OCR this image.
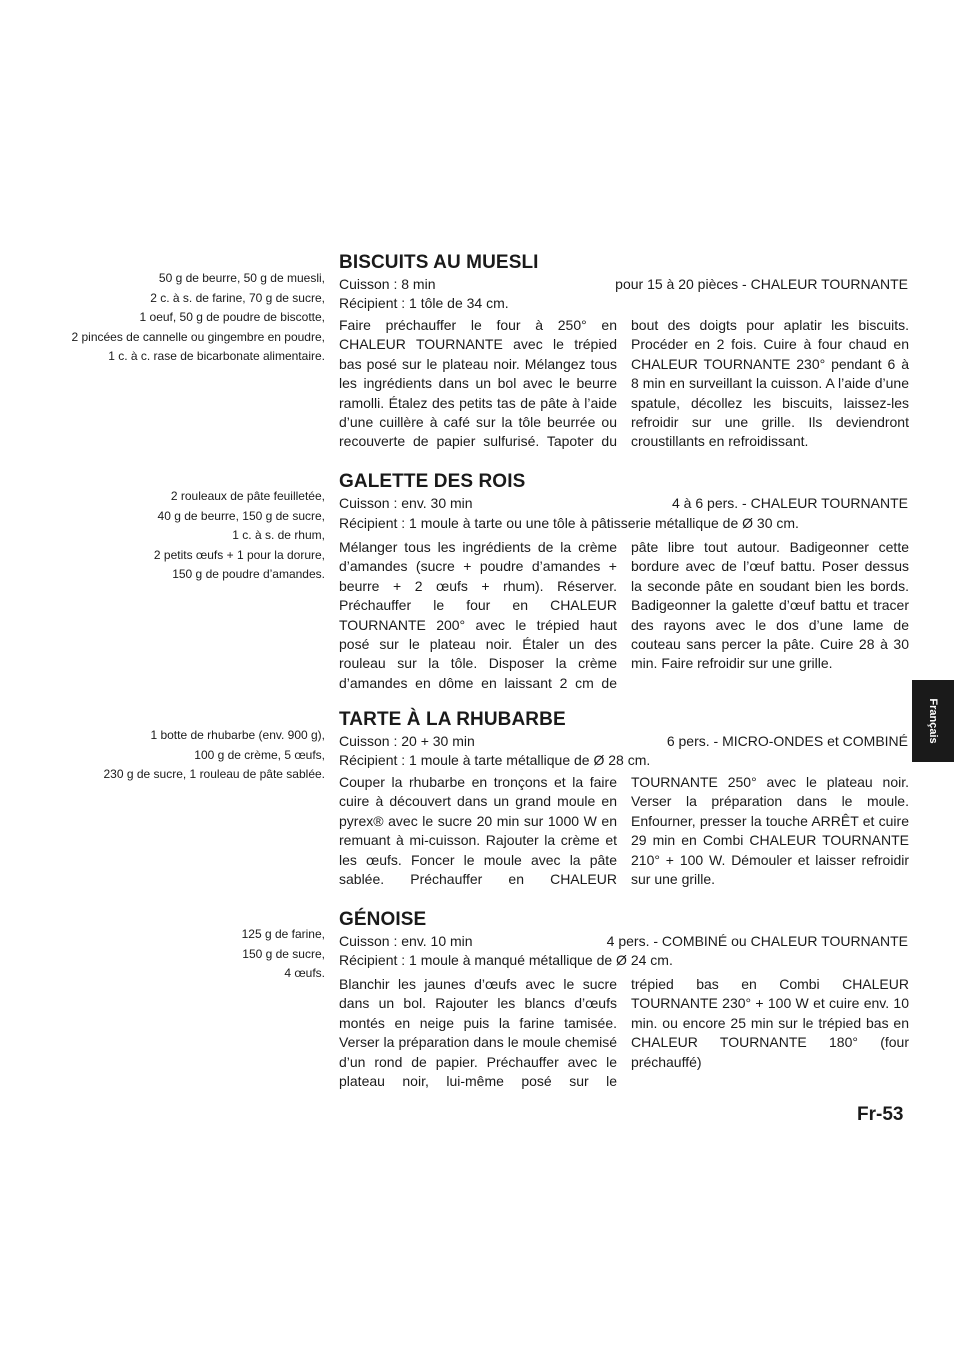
50 g de beurre, 50 g de muesli,
2 c. à s. de farine, 70 g de sucre,
1 oeuf, 50 g de poudre de biscotte,
2 pincées de cannelle ou gingembre en poudre,
1 c. à c. rase de bicarbonate alimentaire.
BISCUITS AU MUESLI
Cuisson : 8 min	pour 15 à 20 pièces - CHALEUR TOURNANTE
Récipient : 1 tôle de 34 cm.
Faire préchauffer le four à 250° en CHALEUR TOURNANTE avec le trépied bas posé sur le plateau noir. Mélangez tous les ingrédients dans un bol avec le beurre ramolli. Étalez des petits tas de pâte à l’aide d’une cuillère à café sur la tôle beurrée ou recouverte de papier sulfurisé. Tapoter du
bout des doigts pour aplatir les biscuits. Procéder en 2 fois. Cuire à four chaud en CHALEUR TOURNANTE 230° pendant 6 à 8 min en surveillant la cuisson. A l’aide d’une spatule, décollez les biscuits, laissez-les refroidir sur une grille. Ils deviendront croustillants en refroidissant.
2 rouleaux de pâte feuilletée,
40 g de beurre, 150 g de sucre,
1 c. à s. de rhum,
2 petits œufs + 1 pour la dorure,
150 g de poudre d’amandes.
GALETTE DES ROIS
Cuisson : env. 30 min	4 à 6 pers. - CHALEUR TOURNANTE
Récipient : 1 moule à tarte ou une tôle à pâtisserie métallique de Ø 30 cm.
Mélanger tous les ingrédients de la crème d’amandes (sucre + poudre d’amandes + beurre + 2 œufs + rhum). Réserver. Préchauffer le four en CHALEUR TOURNANTE 200° avec le trépied haut posé sur le plateau noir. Étaler un des rouleau sur la tôle. Disposer la crème d’amandes en dôme en laissant 2 cm de
pâte libre tout autour. Badigeonner cette bordure avec de l’œuf battu. Poser dessus la seconde pâte en soudant bien les bords. Badigeonner la galette d’œuf battu et tracer des rayons avec le dos d’une lame de couteau sans percer la pâte. Cuire 28 à 30 min. Faire refroidir sur une grille.
1 botte de rhubarbe (env. 900 g),
100 g de crème, 5 œufs,
230 g de sucre, 1 rouleau de pâte sablée.
TARTE À LA RHUBARBE
Cuisson : 20 + 30 min	6 pers. - MICRO-ONDES et COMBINÉ
Récipient : 1 moule à tarte métallique de Ø 28 cm.
Couper la rhubarbe en tronçons et la faire cuire à découvert dans un grand moule en pyrex® avec le sucre 20 min sur 1000 W en remuant à mi-cuisson. Rajouter la crème et les œufs. Foncer le moule avec la pâte sablée. Préchauffer en CHALEUR
TOURNANTE 250° avec le plateau noir. Verser la préparation dans le moule. Enfourner, presser la touche ARRÊT et cuire 29 min en Combi CHALEUR TOURNANTE 210° + 100 W. Démouler et laisser refroidir sur une grille.
125 g de farine,
150 g de sucre,
4 œufs.
GÉNOISE
Cuisson : env. 10 min	4 pers. - COMBINÉ ou CHALEUR TOURNANTE
Récipient : 1 moule à manqué métallique de Ø 24 cm.
Blanchir les jaunes d’œufs avec le sucre dans un bol. Rajouter les blancs d’œufs montés en neige puis la farine tamisée. Verser la préparation dans le moule chemisé d’un rond de papier. Préchauffer avec le plateau noir, lui-même posé sur le
trépied bas en Combi CHALEUR TOURNANTE 230° + 100 W et cuire env. 10 min. ou encore 25 min sur le trépied bas en CHALEUR TOURNANTE 180° (four préchauffé)
Français
Fr-53
